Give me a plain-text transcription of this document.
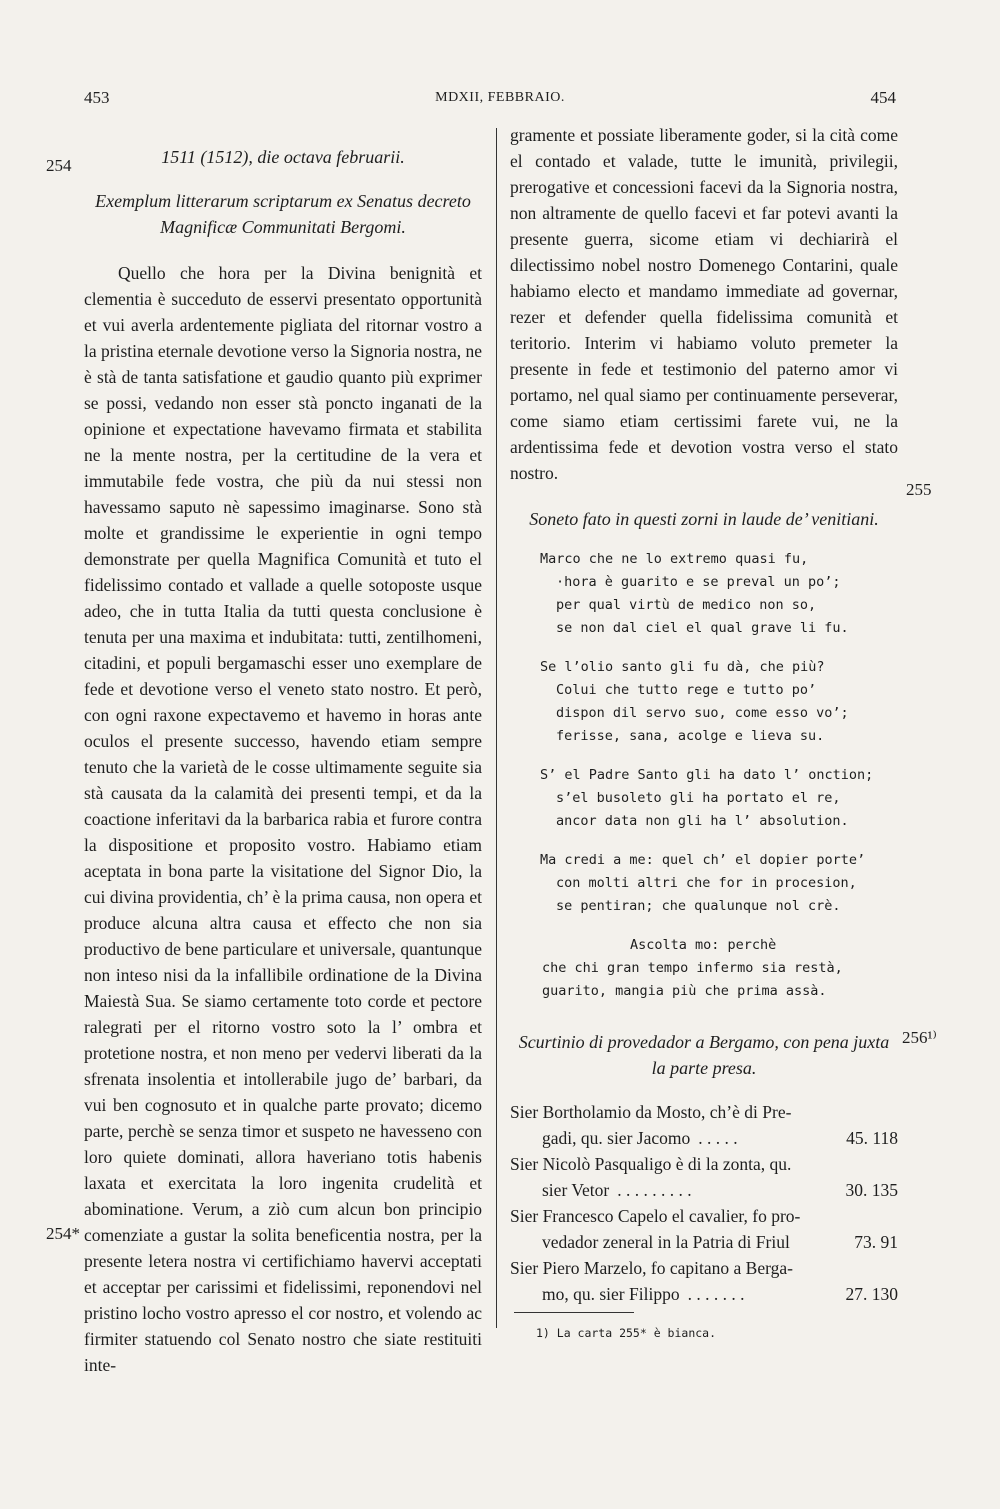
453	MDXII, FEBBRAIO.	454
254
254*
255
256¹⁾
1511 (1512), die octava februarii.
Exemplum litterarum scriptarum ex Senatus decreto Magnificæ Communitati Bergomi.

Quello che hora per la Divina benignità et clementia è succeduto de esservi presentato opportunità et vui averla ardentemente pigliata del ritornar vostro a la pristina eternale devotione verso la Signoria nostra, ne è stà de tanta satisfatione et gaudio quanto più exprimer se possi, vedando non esser stà poncto inganati de la opinione et expectatione havevamo firmata et stabilita ne la mente nostra, per la certitudine de la vera et immutabile fede vostra, che più da nui stessi non havessamo saputo nè sapessimo imaginarse. Sono stà molte et grandissime le experientie in ogni tempo demonstrate per quella Magnifica Comunità et tuto el fidelissimo contado et vallade a quelle sotoposte usque adeo, che in tutta Italia da tutti questa conclusione è tenuta per una maxima et indubitata: tutti, zentilhomeni, citadini, et populi bergamaschi esser uno exemplare de fede et devotione verso el veneto stato nostro. Et però, con ogni raxone expectavemo et havemo in horas ante oculos el presente successo, havendo etiam sempre tenuto che la varietà de le cosse ultimamente seguite sia stà causata da la calamità dei presenti tempi, et da la coactione inferitavi da la barbarica rabia et furore contra la dispositione et proposito vostro. Habiamo etiam aceptata in bona parte la visitatione del Signor Dio, la cui divina providentia, ch’ è la prima causa, non opera et produce alcuna altra causa et effecto che non sia productivo de bene particulare et universale, quantunque non inteso nisi da la infallibile ordinatione de la Divina Maiestà Sua. Se siamo certamente toto corde et pectore ralegrati per el ritorno vostro soto la l’ ombra et protetione nostra, et non meno per vedervi liberati da la sfrenata insolentia et intollerabile jugo de’ barbari, da vui ben cognosuto et in qualche parte provato; dicemo parte, perchè se senza timor et suspeto ne havesseno con loro quiete dominati, allora haveriano totis habenis laxata et exercitata la loro ingenita crudelità et abominatione. Verum, a ziò cum alcun bon principio comenziate a gustar la solita beneficentia nostra, per la presente letera nostra vi certifichiamo havervi acceptati et acceptar per carissimi et fidelissimi, reponendovi nel pristino locho vostro apresso el cor nostro, et volendo ac firmiter statuendo col Senato nostro che siate restituiti inte-

gramente et possiate liberamente goder, si la cità come el contado et valade, tutte le imunità, privilegii, prerogative et concessioni facevi da la Signoria nostra, non altramente de quello facevi et far potevi avanti la presente guerra, sicome etiam vi dechiarirà el dilectissimo nobel nostro Domenego Contarini, quale habiamo electo et mandamo immediate ad governar, rezer et defender quella fidelissima comunità et teritorio. Interim vi habiamo voluto premeter la presente in fede et testimonio del paterno amor vi portamo, nel qual siamo per continuamente perseverar, come siamo etiam certissimi farete vui, ne la ardentissima fede et devotion vostra verso el stato nostro.

Soneto fato in questi zorni in laude de’ venitiani.
Marco che ne lo extremo quasi fu,
·hora è guarito e se preval un po’;
per qual virtù de medico non so,
se non dal ciel el qual grave li fu.
Se l’olio santo gli fu dà, che più?
Colui che tutto rege e tutto po’
dispon dil servo suo, come esso vo’;
ferisse, sana, acolge e lieva su.
S’ el Padre Santo gli ha dato l’ onction;
s’el busoleto gli ha portato el re,
ancor data non gli ha l’ absolution.
Ma credi a me: quel ch’ el dopier porte’
con molti altri che for in procesion,
se pentiran; che qualunque nol crè.
Ascolta mo: perchè
che chi gran tempo infermo sia restà,
guarito, mangia più che prima assà.
Scurtinio di provedador a Bergamo, con pena juxta la parte presa.
Sier Bortholamio da Mosto, ch’è di Pre-
gadi, qu. sier Jacomo . . . . .	45. 118
Sier Nicolò Pasqualigo è di la zonta, qu.
sier Vetor . . . . . . . . .	30. 135
Sier Francesco Capelo el cavalier, fo pro-
vedador zeneral in la Patria di Friul	73. 91
Sier Piero Marzelo, fo capitano a Berga-
mo, qu. sier Filippo . . . . . . .	27. 130
1) La carta 255* è bianca.
